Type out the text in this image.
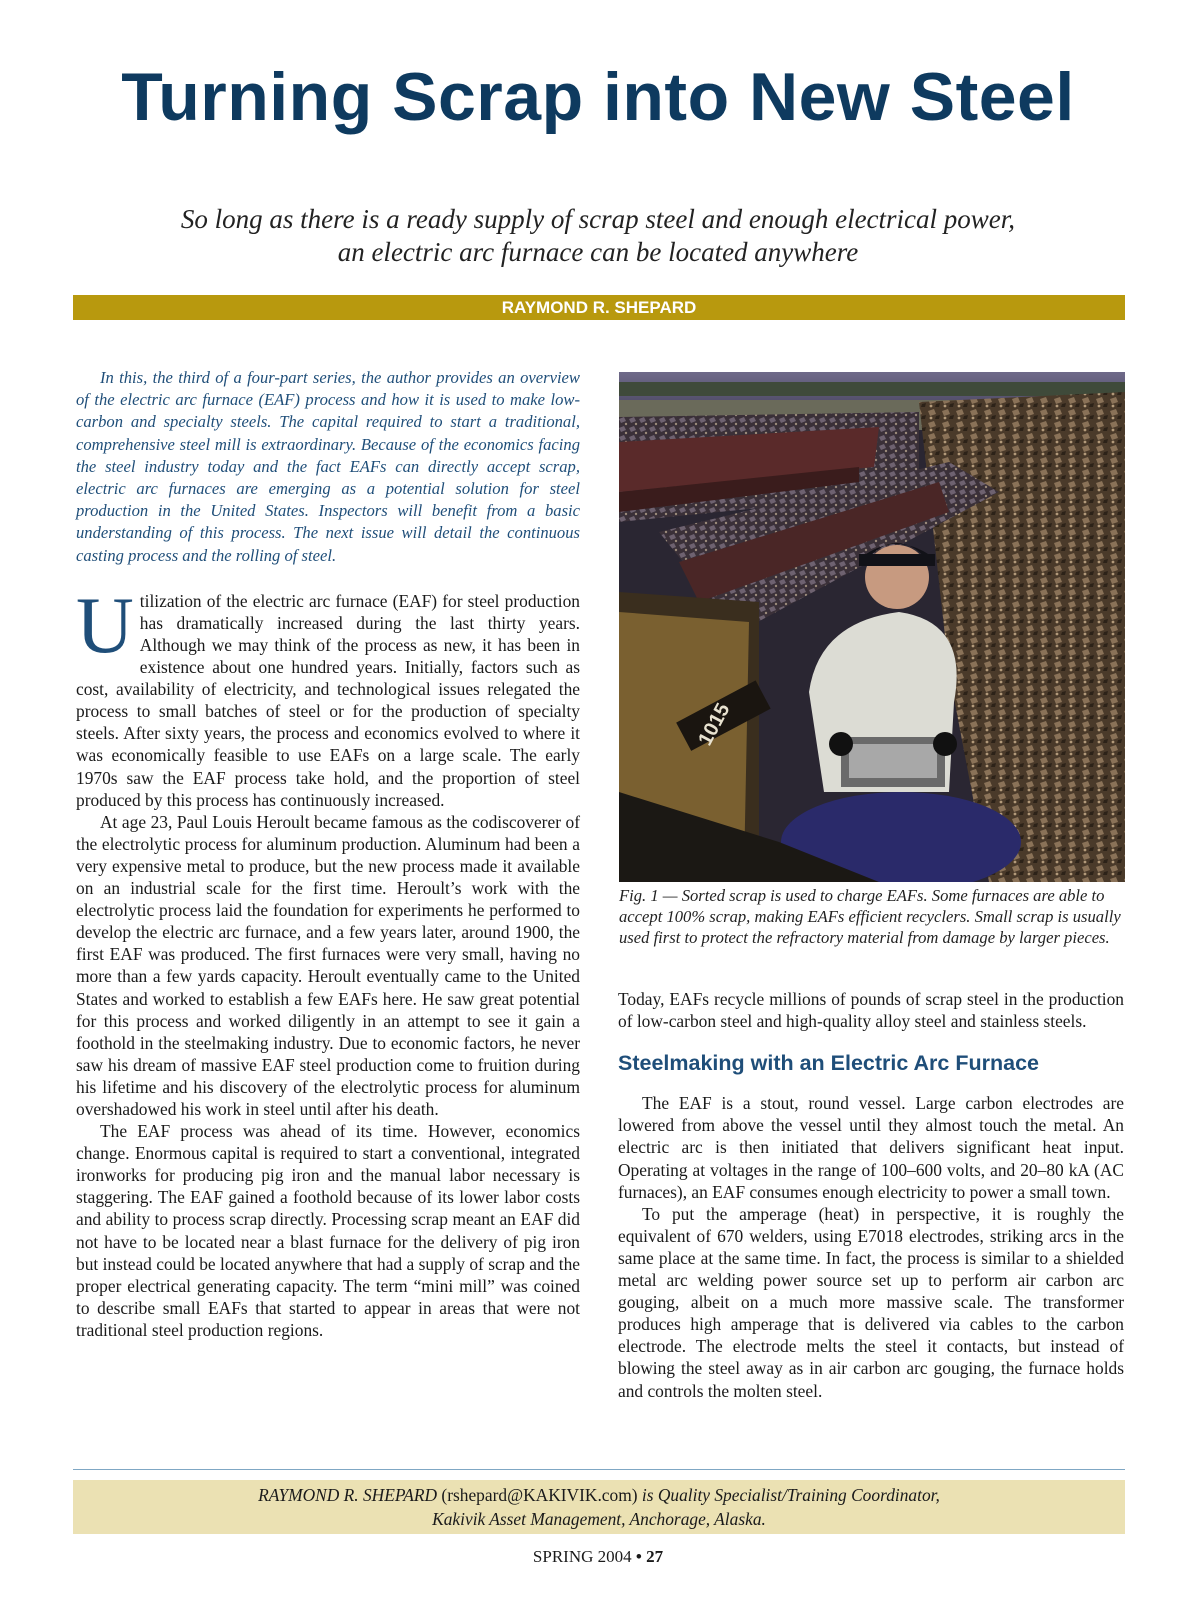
Turning Scrap into New Steel
So long as there is a ready supply of scrap steel and enough electrical power,
an electric arc furnace can be located anywhere
RAYMOND R. SHEPARD

In this, the third of a four-part series, the author provides an overview of the electric arc furnace (EAF) process and how it is used to make low-carbon and specialty steels. The capital required to start a traditional, comprehensive steel mill is extraordinary. Because of the economics facing the steel industry today and the fact EAFs can directly accept scrap, electric arc furnaces are emerging as a potential solution for steel production in the United States. Inspectors will benefit from a basic understanding of this process. The next issue will detail the continuous casting process and the rolling of steel.

Utilization of the electric arc furnace (EAF) for steel production has dramatically increased during the last thirty years. Although we may think of the process as new, it has been in existence about one hundred years. Initially, factors such as cost, availability of electricity, and technological issues relegated the process to small batches of steel or for the production of specialty steels. After sixty years, the process and economics evolved to where it was economically feasible to use EAFs on a large scale. The early 1970s saw the EAF process take hold, and the proportion of steel produced by this process has continuously increased.

At age 23, Paul Louis Heroult became famous as the codiscoverer of the electrolytic process for aluminum production. Aluminum had been a very expensive metal to produce, but the new process made it available on an industrial scale for the first time. Heroult’s work with the electrolytic process laid the foundation for experiments he performed to develop the electric arc furnace, and a few years later, around 1900, the first EAF was produced. The first furnaces were very small, having no more than a few yards capacity. Heroult eventually came to the United States and worked to establish a few EAFs here. He saw great potential for this process and worked diligently in an attempt to see it gain a foothold in the steelmaking industry. Due to economic factors, he never saw his dream of massive EAF steel production come to fruition during his lifetime and his discovery of the electrolytic process for aluminum overshadowed his work in steel until after his death.

The EAF process was ahead of its time. However, economics change. Enormous capital is required to start a conventional, integrated ironworks for producing pig iron and the manual labor necessary is staggering. The EAF gained a foothold because of its lower labor costs and ability to process scrap directly. Processing scrap meant an EAF did not have to be located near a blast furnace for the delivery of pig iron but instead could be located anywhere that had a supply of scrap and the proper electrical generating capacity. The term “mini mill” was coined to describe small EAFs that started to appear in areas that were not traditional steel production regions.

1015
Fig. 1 — Sorted scrap is used to charge EAFs. Some furnaces are able to accept 100% scrap, making EAFs efficient recyclers. Small scrap is usually used first to protect the refractory material from damage by larger pieces.

Today, EAFs recycle millions of pounds of scrap steel in the production of low-carbon steel and high-quality alloy steel and stainless steels.

Steelmaking with an Electric Arc Furnace

The EAF is a stout, round vessel. Large carbon electrodes are lowered from above the vessel until they almost touch the metal. An electric arc is then initiated that delivers significant heat input. Operating at voltages in the range of 100–600 volts, and 20–80 kA (AC furnaces), an EAF consumes enough electricity to power a small town.

To put the amperage (heat) in perspective, it is roughly the equivalent of 670 welders, using E7018 electrodes, striking arcs in the same place at the same time. In fact, the process is similar to a shielded metal arc welding power source set up to perform air carbon arc gouging, albeit on a much more massive scale. The transformer produces high amperage that is delivered via cables to the carbon electrode. The electrode melts the steel it contacts, but instead of blowing the steel away as in air carbon arc gouging, the furnace holds and controls the molten steel.

RAYMOND R. SHEPARD (rshepard@KAKIVIK.com) is Quality Specialist/Training Coordinator,
Kakivik Asset Management, Anchorage, Alaska.
SPRING 2004 • 27
